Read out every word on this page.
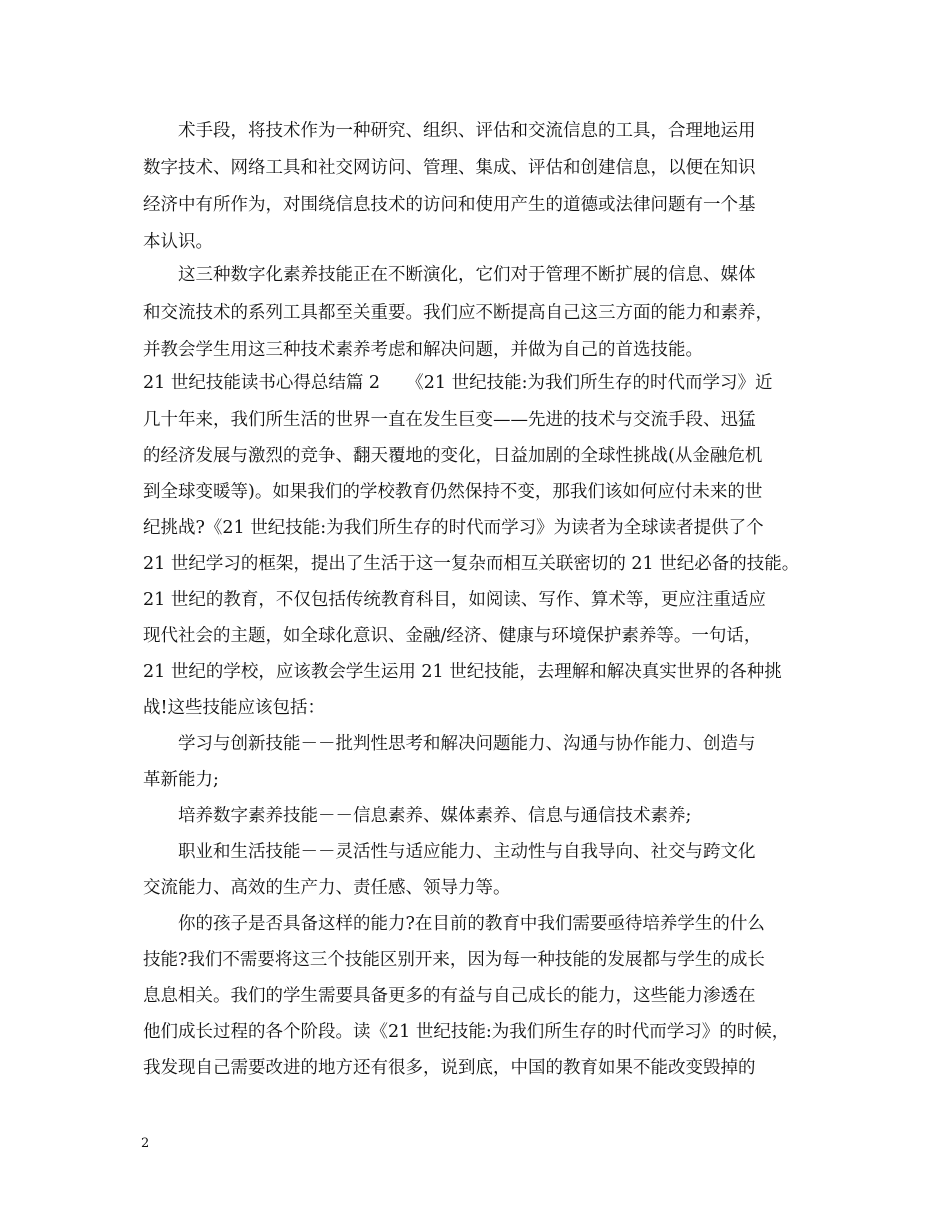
术手段，将技术作为一种研究、组织、评估和交流信息的工具，合理地运用
数字技术、网络工具和社交网访问、管理、集成、评估和创建信息，以便在知识
经济中有所作为，对围绕信息技术的访问和使用产生的道德或法律问题有一个基
本认识。
这三种数字化素养技能正在不断演化，它们对于管理不断扩展的信息、媒体
和交流技术的系列工具都至关重要。我们应不断提高自己这三方面的能力和素养，
并教会学生用这三种技术素养考虑和解决问题，并做为自己的首选技能。
21 世纪技能读书心得总结篇 2　　《21 世纪技能:为我们所生存的时代而学习》近
几十年来，我们所生活的世界一直在发生巨变——先进的技术与交流手段、迅猛
的经济发展与激烈的竞争、翻天覆地的变化，日益加剧的全球性挑战(从金融危机
到全球变暖等)。如果我们的学校教育仍然保持不变，那我们该如何应付未来的世
纪挑战?《21 世纪技能:为我们所生存的时代而学习》为读者为全球读者提供了个
21 世纪学习的框架，提出了生活于这一复杂而相互关联密切的 21 世纪必备的技能。
21 世纪的教育，不仅包括传统教育科目，如阅读、写作、算术等，更应注重适应
现代社会的主题，如全球化意识、金融/经济、健康与环境保护素养等。一句话，
21 世纪的学校，应该教会学生运用 21 世纪技能，去理解和解决真实世界的各种挑
战!这些技能应该包括：
学习与创新技能－－批判性思考和解决问题能力、沟通与协作能力、创造与
革新能力;
培养数字素养技能－－信息素养、媒体素养、信息与通信技术素养;
职业和生活技能－－灵活性与适应能力、主动性与自我导向、社交与跨文化
交流能力、高效的生产力、责任感、领导力等。
你的孩子是否具备这样的能力?在目前的教育中我们需要亟待培养学生的什么
技能?我们不需要将这三个技能区别开来，因为每一种技能的发展都与学生的成长
息息相关。我们的学生需要具备更多的有益与自己成长的能力，这些能力渗透在
他们成长过程的各个阶段。读《21 世纪技能:为我们所生存的时代而学习》的时候，
我发现自己需要改进的地方还有很多，说到底，中国的教育如果不能改变毁掉的
2
